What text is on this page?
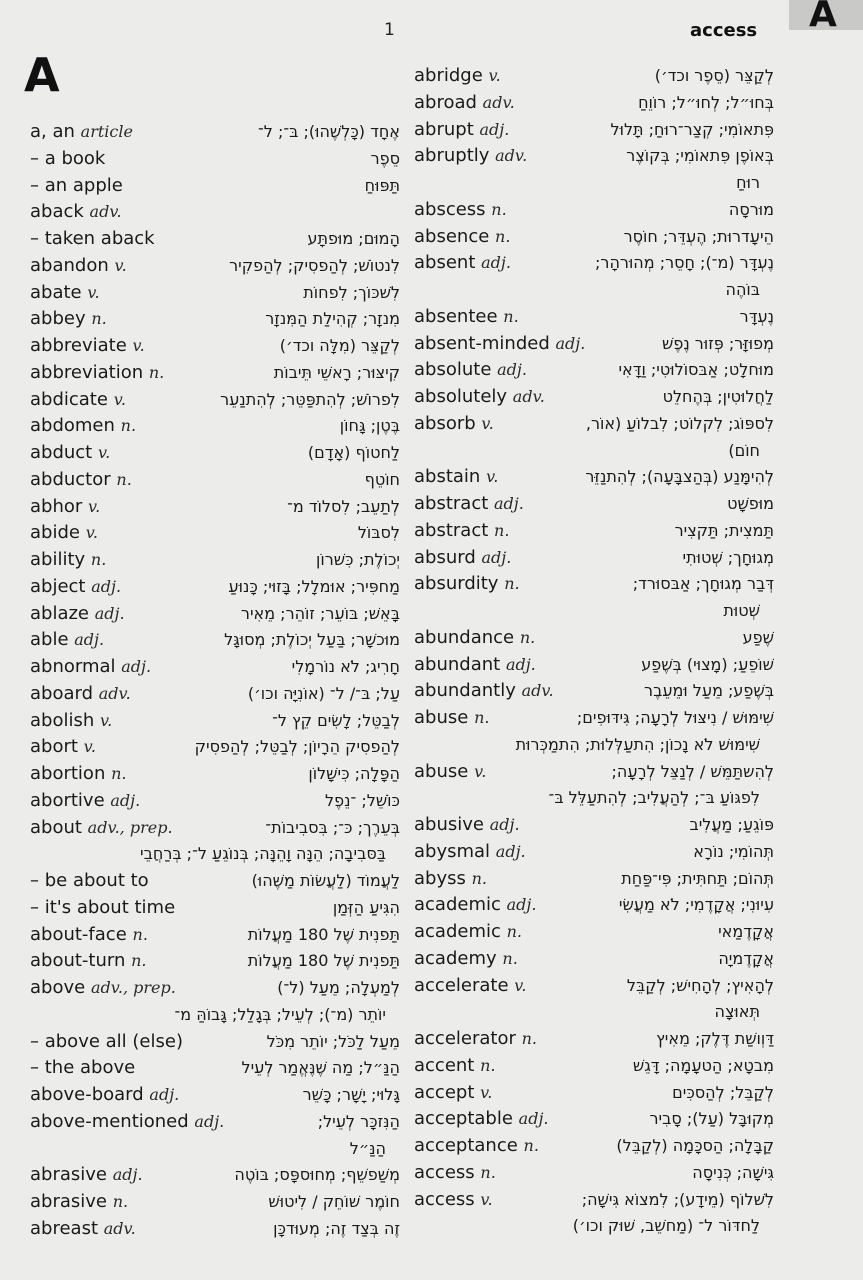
1	access	A
A
a, an article	אֶחָד (כָּלְשֶׁהוּ); בּ־; ל־
– a book	סֵפֶר
– an apple	תַּפּוּחַ
aback adv.
– taken aback	הָמוּם; מוּפתָּע
abandon v.	לִנטוֹשׁ; לְהַפסִיק; לְהַפקִיר
abate v.	לִשׁכּוֹך; לִפחוֹת
abbey n.	מִנזָר; קְהִילַת הַמִּנזָר
abbreviate v.	לְקַצֵּר (מִלָּה וכד׳)
abbreviation n.	קִיצּוּר; רָאשֵׁי תֵּיבוֹת
abdicate v.	לִפרוֹשׁ; לְהִתפַּטֵּר; לְהִתנַעֵר
abdomen n.	בֶּטֶן; גָּחוֹן
abduct v.	לַחטוֹף (אָדָם)
abductor n.	חוֹטֵף
abhor v.	לְתַעֵב; לִסלוֹד מ־
abide v.	לִסבּוֹל
ability n.	יְכוֹלֶת; כִּשׁרוֹן
abject adj.	מַחפִּיר; אוּמלָל; בָּזוּי; כָּנוּעַ
ablaze adj.	בָּאֵשׁ; בּוֹעֵר; זוֹהֵר; מֵאִיר
able adj.	מוּכשָׁר; בַּעַל יְכוֹלֶת; מְסוּגָּל
abnormal adj.	חָרִיג; לֹא נוֹרמָלִי
aboard adv.	עַל; בּ־/ ל־ (אוֹנִיָּה וכו׳)
abolish v.	לְבַטֵּל; לָשִׂים קֵץ ל־
abort v.	לְהַפסִיק הֵרָיוֹן; לְבַטֵּל; לְהַפסִיק
abortion n.	הַפָּלָה; כִּישָּׁלוֹן
abortive adj.	כּוֹשֵׁל; ־נֵפֶל
about adv., prep.	בְּעֵרֶך; כּ־; בִּסבִיבוֹת־
בַּסּבִיבָה; הֵנָּה וָהֵנָּה; בְּנוֹגֵעַ ל־; בְּרַחֲבֵי
– be about to	לַעֲמוֹד (לַעֲשׂוֹת מַשֶּׁהוּ)
– it's about time	הִגִּיעַ הַזְּמַן
about-face n.	תַּפנִית שֶׁל 180 מַעֲלוֹת
about-turn n.	תַּפנִית שֶׁל 180 מַעֲלוֹת
above adv., prep.	לְמַעְלָה; מֵעַל (ל־)
יוֹתֵר (מ־); לְעֵיל; בְּגָלַל; גָּבוֹהַּ מ־
– above all (else)	מֵעַל לַכֹּל; יוֹתֵר מִכֹּל
– the above	הַנַּ״ל; מַה שֶּׁנֶּאֱמַר לְעֵיל
above-board adj.	גָּלוּי; יָשָׁר; כָּשֵׁר
above-mentioned adj.	הַנִּזכָּר לְעֵיל;
הַנַּ״ל
abrasive adj.	מְשַׁפשֵׁף; מְחוּספָּס; בּוֹטֶה
abrasive n.	חוֹמֶר שׁוֹחֵק / לִיטוּשׁ
abreast adv.	זֶה בְּצַד זֶה; מְעוּדכָּן
abridge v.	לְקַצֵּר (סֵפֶר וכד׳)
abroad adv.	בְּחוּ״ל; לְחוּ״ל; רוֹוֵחַ
abrupt adj.	פִּתאוֹמִי; קְצַר־רוּחַ; תָּלוּל
abruptly adv.	בְּאוֹפֶן פִּתאוֹמִי; בְּקוֹצֶר
רוּחַ
abscess n.	מוּרסָה
absence n.	הֵיעָדרוּת; הֶעְדֵּר; חוֹסֶר
absent adj.	נֶעְדָּר (מ־); חָסֵר; מְהוּרהָר;
בּוֹהֶה
absentee n.	נֶעְדָּר
absent-minded adj.	מְפוּזָּר; פְּזוּר נֶפֶשׁ
absolute adj.	מוּחלָט; אַבּסוֹלוּטִי; וַדָּאִי
absolutely adv.	לַחֲלוּטִין; בְּהֶחלֵט
absorb v.	לִספּוֹג; לִקלוֹט; לִבלוֹעַ (אוֹר,
חוֹם)
abstain v.	לְהִימָּנַע (בְּהַצבָּעָה); לְהִתנַזֵּר
abstract adj.	מוּפשָׁט
abstract n.	תַּמצִית; תַּקצִיר
absurd adj.	מְגוּחָך; שְׁטוּתִי
absurdity n.	דְּבַר מְגוּחָך; אַבּסוּרד;
שְׁטוּת
abundance n.	שֶׁפַע
abundant adj.	שׁוֹפֵעַ; (מָצוּי) בְּשֶׁפַע
abundantly adv.	בְּשֶׁפַע; מֵעַל וּמֵעֵבֶר
abuse n.	שִׁימּוּשׁ / נִיצּוּל לְרָעָה; גִּידּוּפִים;
שִׁימּוּשׁ לֹא נָכוֹן; הִתעַלְּלוּת; הִתמַכְּרוּת
abuse v.	לְהִשתַּמֵּשׁ / לְנַצֵּל לְרָעָה;
לִפגּוֹעַ בּ־; לְהַעֲלִיב; לְהִתעַלֵּל בּ־
abusive adj.	פּוֹגֵעַ; מַעֲלִיב
abysmal adj.	תְּהוֹמִי; נוֹרָא
abyss n.	תְּהוֹם; תַּחתִּית; פִּי־פַּחַת
academic adj.	עִיוּנִי; אֲקָדֶמִי; לֹא מַעֲשִׂי
academic n.	אֲקָדֶמַאי
academy n.	אֲקָדֶמיָה
accelerate v.	לְהָאִיץ; לְהָחִישׁ; לְקַבֵּל
תְּאוּצָה
accelerator n.	דַּוְושַׁת דֶּלֶק; מֵאִיץ
accent n.	מִבטָא; הַטעָמָה; דָּגֵשׁ
accept v.	לְקַבֵּל; לְהַסכִּים
acceptable adj.	מְקוּבָּל (עַל); סָבִיר
acceptance n.	קַבָּלָה; הַסכָּמָה (לְקַבֵּל)
access n.	גִּישָׁה; כְּנִיסָה
access v.	לִשׁלוֹף (מֵידָע); לִמצוֹא גִּישָׁה;
לַחדּוֹר ל־ (מַחשֵׁב, שׁוּק וכו׳)
